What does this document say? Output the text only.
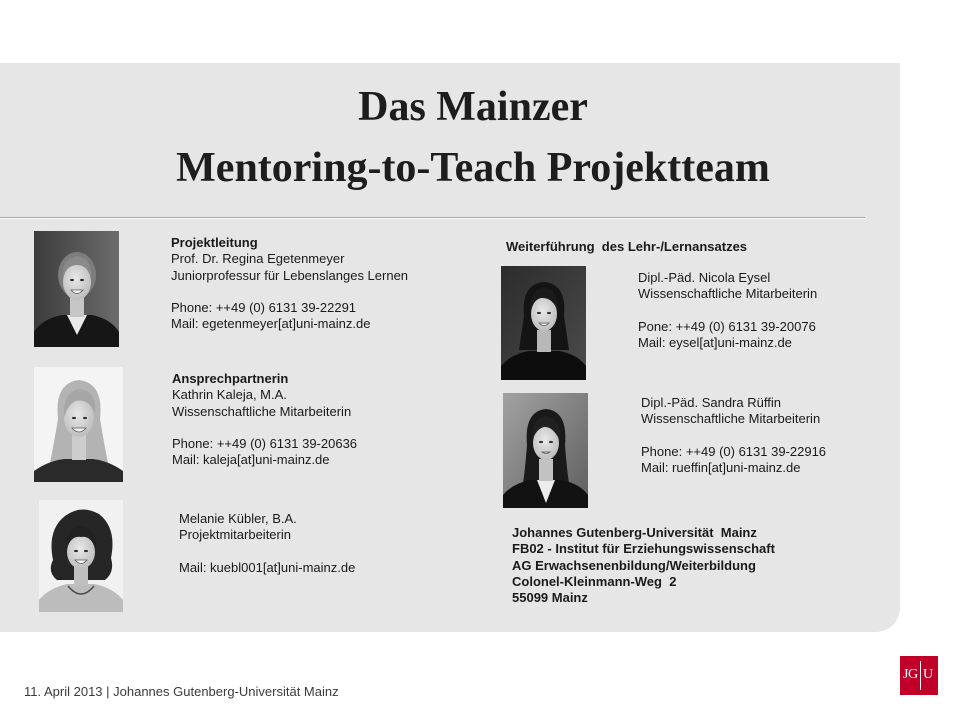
Das Mainzer
Mentoring-to-Teach Projektteam
Projektleitung
Prof. Dr. Regina Egetenmeyer
Juniorprofessur für Lebenslanges Lernen
Phone: ++49 (0) 6131 39-22291
Mail: egetenmeyer[at]uni-mainz.de
Ansprechpartnerin
Kathrin Kaleja, M.A.
Wissenschaftliche Mitarbeiterin
Phone: ++49 (0) 6131 39-20636
Mail: kaleja[at]uni-mainz.de
Melanie Kübler, B.A.
Projektmitarbeiterin
Mail: kuebl001[at]uni-mainz.de
Weiterführung  des Lehr-/Lernansatzes
Dipl.-Päd. Nicola Eysel
Wissenschaftliche Mitarbeiterin
Pone: ++49 (0) 6131 39-20076
Mail: eysel[at]uni-mainz.de
Dipl.-Päd. Sandra Rüffin
Wissenschaftliche Mitarbeiterin
Phone: ++49 (0) 6131 39-22916
Mail: rueffin[at]uni-mainz.de
Johannes Gutenberg-Universität  Mainz
FB02 - Institut für Erziehungswissenschaft
AG Erwachsenenbildung/Weiterbildung
Colonel-Kleinmann-Weg  2
55099 Mainz
11. April 2013 | Johannes Gutenberg-Universität Mainz
JG U
